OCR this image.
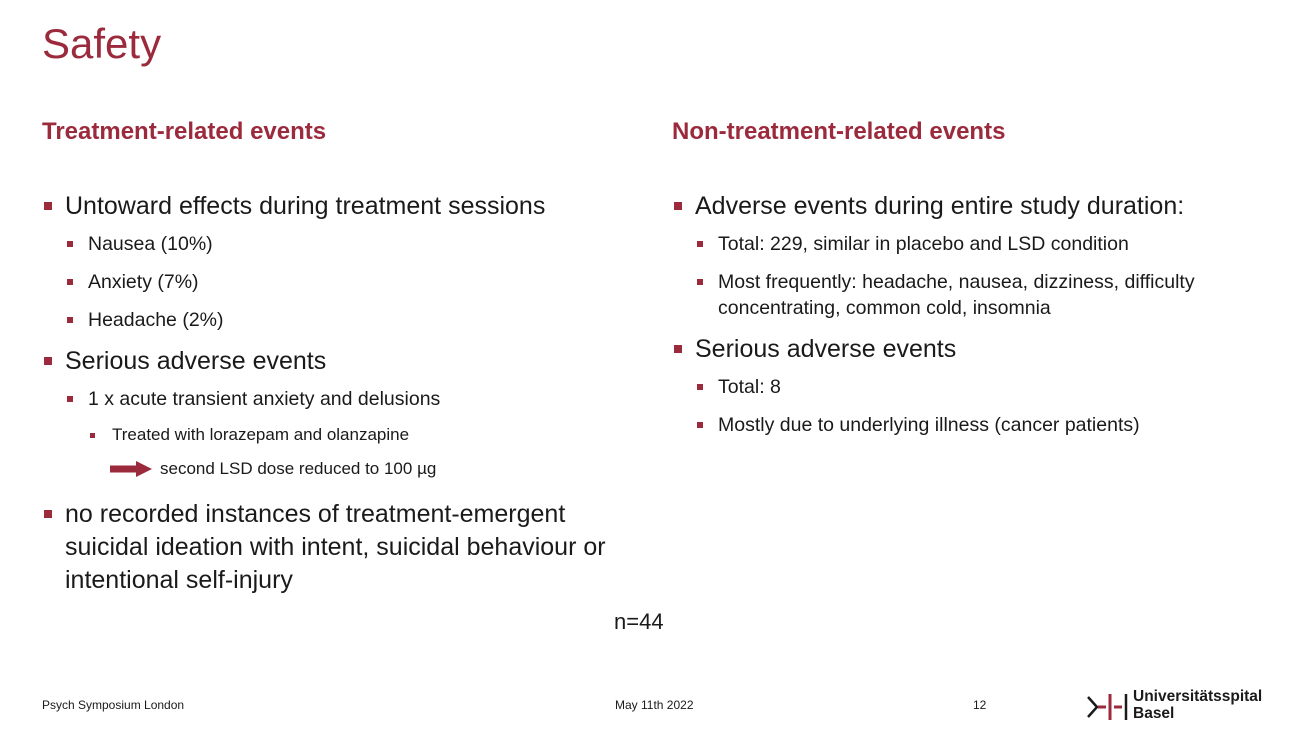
Safety
Treatment-related events	Non-treatment-related events
Untoward effects during treatment sessions
Nausea (10%)
Anxiety (7%)
Headache (2%)
Serious adverse events
1 x acute transient anxiety and delusions
Treated with lorazepam and olanzapine
second LSD dose reduced to 100 µg
no recorded instances of treatment-emergent suicidal ideation with intent, suicidal behaviour or intentional self-injury
Adverse events during entire study duration:
Total: 229, similar in placebo and LSD condition
Most frequently: headache, nausea, dizziness, difficulty concentrating, common cold, insomnia
Serious adverse events
Total: 8
Mostly due to underlying illness (cancer patients)
n=44
Psych Symposium London	May 11th 2022	12	Universitätsspital
Basel
